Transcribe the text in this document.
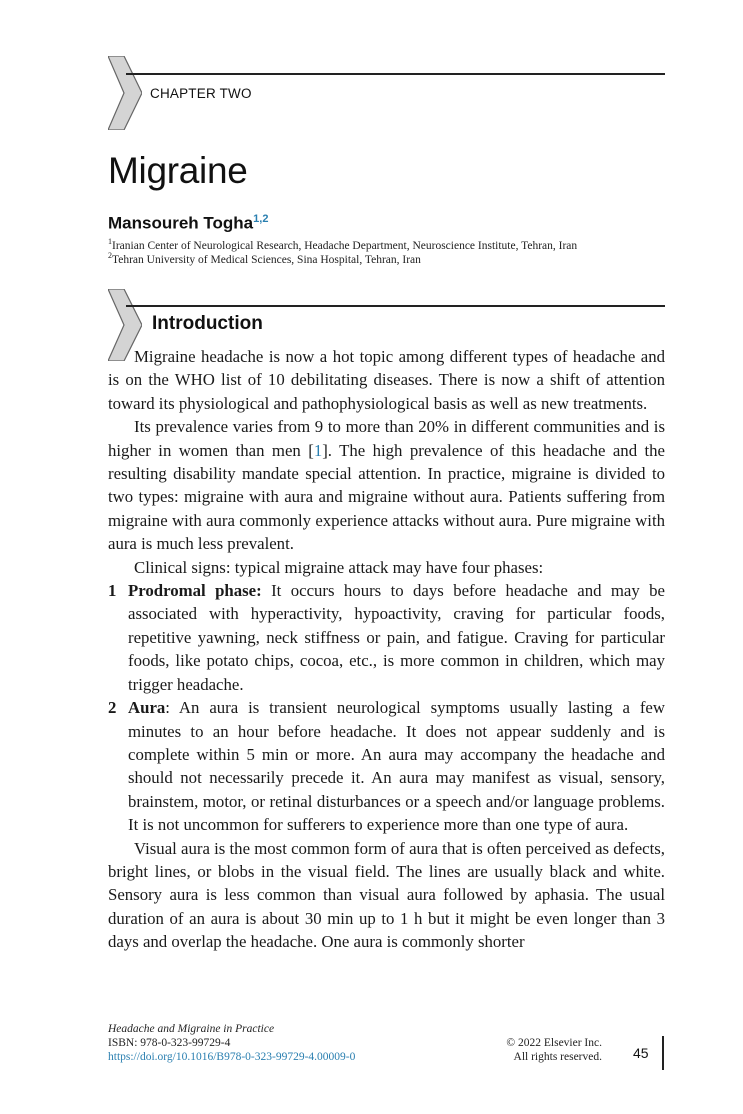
CHAPTER TWO
Migraine
Mansoureh Togha$^{1,2}$
$^1$Iranian Center of Neurological Research, Headache Department, Neuroscience Institute, Tehran, Iran
$^2$Tehran University of Medical Sciences, Sina Hospital, Tehran, Iran
Introduction

Migraine headache is now a hot topic among different types of headache and is on the WHO list of 10 debilitating diseases. There is now a shift of attention toward its physiological and pathophysiological basis as well as new treatments.

Its prevalence varies from 9 to more than 20% in different communities and is higher in women than men [1]. The high prevalence of this headache and the resulting disability mandate special attention. In practice, migraine is divided to two types: migraine with aura and migraine without aura. Patients suffering from migraine with aura commonly experience attacks without aura. Pure migraine with aura is much less prevalent.

Clinical signs: typical migraine attack may have four phases:

1 Prodromal phase: It occurs hours to days before headache and may be associated with hyperactivity, hypoactivity, craving for particular foods, repetitive yawning, neck stiffness or pain, and fatigue. Craving for particular foods, like potato chips, cocoa, etc., is more common in children, which may trigger headache.
2 Aura: An aura is transient neurological symptoms usually lasting a few minutes to an hour before headache. It does not appear suddenly and is complete within 5 min or more. An aura may accompany the headache and should not necessarily precede it. An aura may manifest as visual, sensory, brainstem, motor, or retinal disturbances or a speech and/or language problems. It is not uncommon for sufferers to experience more than one type of aura.

Visual aura is the most common form of aura that is often perceived as defects, bright lines, or blobs in the visual field. The lines are usually black and white. Sensory aura is less common than visual aura followed by aphasia. The usual duration of an aura is about 30 min up to 1 h but it might be even longer than 3 days and overlap the headache. One aura is commonly shorter

Headache and Migraine in Practice
ISBN: 978-0-323-99729-4
https://doi.org/10.1016/B978-0-323-99729-4.00009-0
© 2022 Elsevier Inc.
All rights reserved. 45
